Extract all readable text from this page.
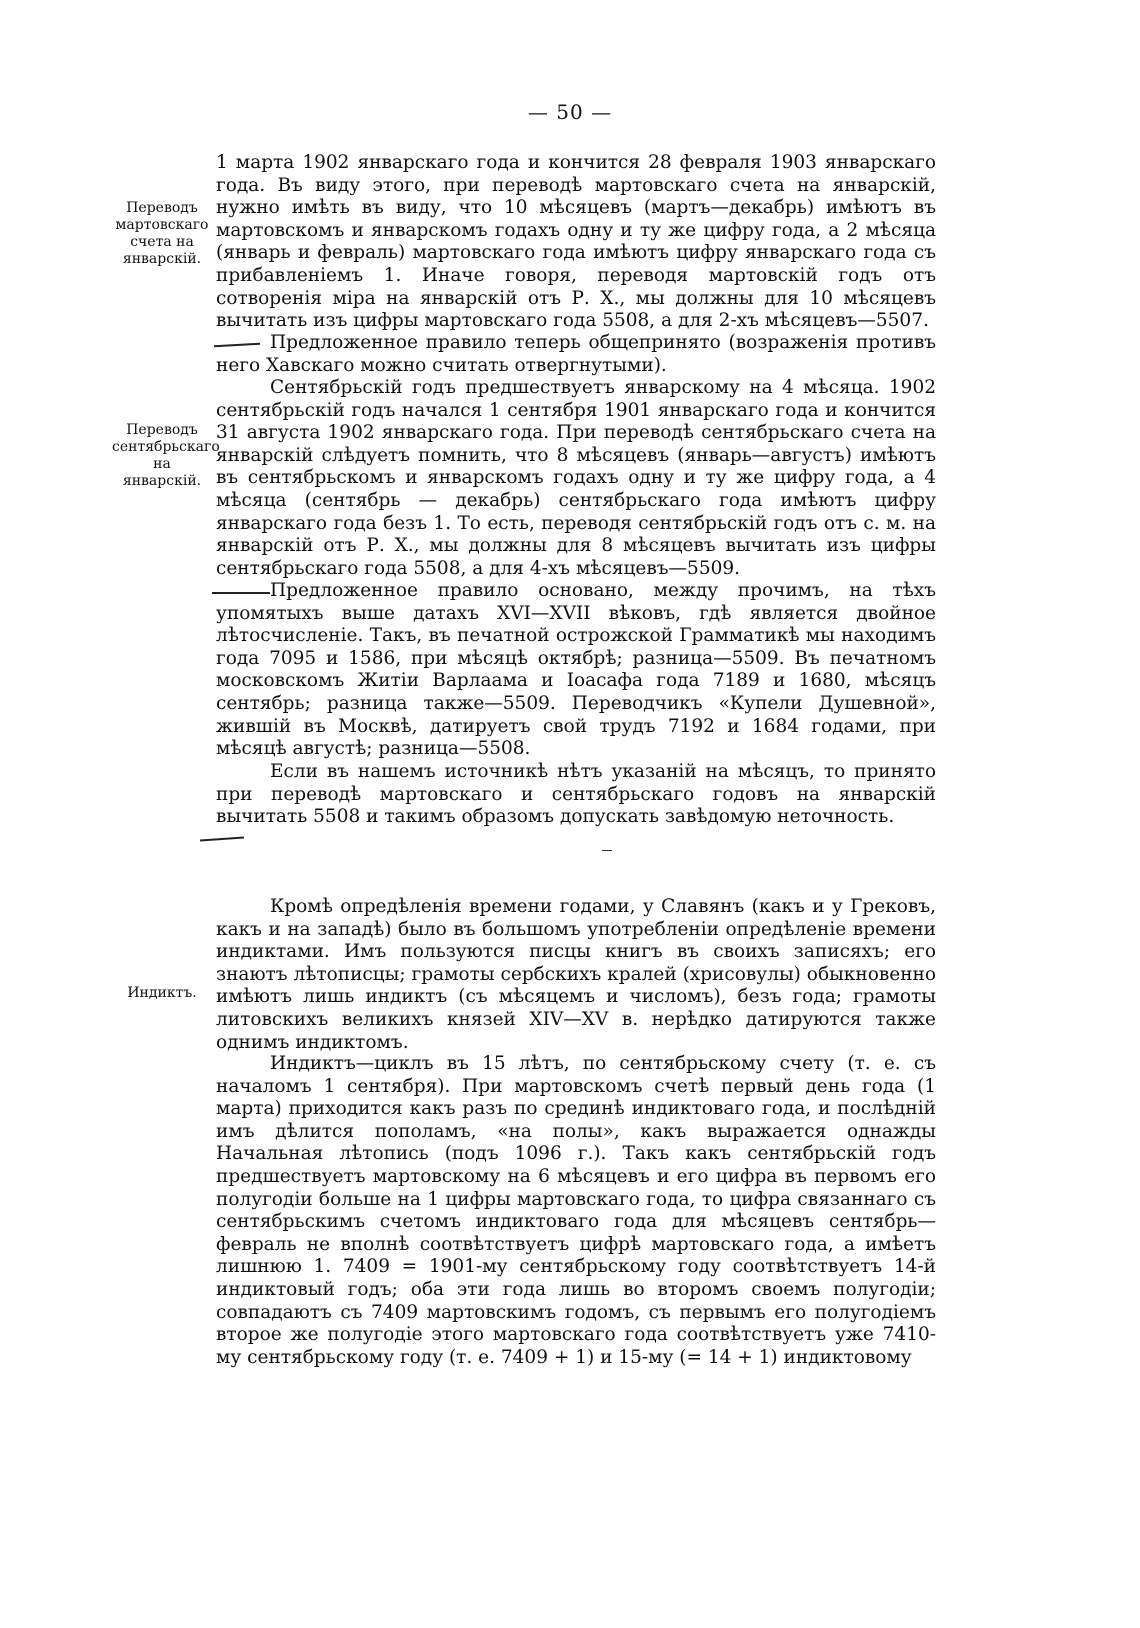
— 50 —
Переводъ мартовскаго счета на январскій.
Переводъ сентябрьскаго на январскій.
Индиктъ.
1 марта 1902 январскаго года и кончится 28 февраля 1903 январскаго года. Въ виду этого, при переводѣ мартовскаго счета на январскій, нужно имѣть въ виду, что 10 мѣсяцевъ (мартъ—декабрь) имѣютъ въ мартовскомъ и январскомъ годахъ одну и ту же цифру года, а 2 мѣсяца (январь и февраль) мартовскаго года имѣютъ цифру январскаго года съ прибавленіемъ 1. Иначе говоря, переводя мартовскій годъ отъ сотворенія міра на январскій отъ Р. Х., мы должны для 10 мѣсяцевъ вычитать изъ цифры мартовскаго года 5508, а для 2-хъ мѣсяцевъ—5507.
Предложенное правило теперь общепринято (возраженія противъ него Хавскаго можно считать отвергнутыми).
Сентябрьскій годъ предшествуетъ январскому на 4 мѣсяца. 1902 сентябрьскій годъ начался 1 сентября 1901 январскаго года и кончится 31 августа 1902 январскаго года. При переводѣ сентябрьскаго счета на январскій слѣдуетъ помнить, что 8 мѣсяцевъ (январь—августъ) имѣютъ въ сентябрьскомъ и январскомъ годахъ одну и ту же цифру года, а 4 мѣсяца (сентябрь — декабрь) сентябрьскаго года имѣютъ цифру январскаго года безъ 1. То есть, переводя сентябрьскій годъ отъ с. м. на январскій отъ Р. Х., мы должны для 8 мѣсяцевъ вычитать изъ цифры сентябрьскаго года 5508, а для 4-хъ мѣсяцевъ—5509.
Предложенное правило основано, между прочимъ, на тѣхъ упомятыхъ выше датахъ XVI—XVII вѣковъ, гдѣ является двойное лѣтосчисленіе. Такъ, въ печатной острожской Грамматикѣ мы находимъ года 7095 и 1586, при мѣсяцѣ октябрѣ; разница—5509. Въ печатномъ московскомъ Житіи Варлаама и Іоасафа года 7189 и 1680, мѣсяцъ сентябрь; разница также—5509. Переводчикъ «Купели Душевной», жившій въ Москвѣ, датируетъ свой трудъ 7192 и 1684 годами, при мѣсяцѣ августѣ; разница—5508.
Если въ нашемъ источникѣ нѣтъ указаній на мѣсяцъ, то принято при переводѣ мартовскаго и сентябрьскаго годовъ на январскій вычитать 5508 и такимъ образомъ допускать завѣдомую неточность.
Кромѣ опредѣленія времени годами, у Славянъ (какъ и у Грековъ, какъ и на западѣ) было въ большомъ употребленіи опредѣленіе времени индиктами. Имъ пользуются писцы книгъ въ своихъ записяхъ; его знаютъ лѣтописцы; грамоты сербскихъ кралей (хрисовулы) обыкновенно имѣютъ лишь индиктъ (съ мѣсяцемъ и числомъ), безъ года; грамоты литовскихъ великихъ князей XIV—XV в. нерѣдко датируются также однимъ индиктомъ.
Индиктъ—циклъ въ 15 лѣтъ, по сентябрьскому счету (т. е. съ началомъ 1 сентября). При мартовскомъ счетѣ первый день года (1 марта) приходится какъ разъ по срединѣ индиктоваго года, и послѣдній имъ дѣлится пополамъ, «на полы», какъ выражается однажды Начальная лѣтопись (подъ 1096 г.). Такъ какъ сентябрьскій годъ предшествуетъ мартовскому на 6 мѣсяцевъ и его цифра въ первомъ его полугодіи больше на 1 цифры мартовскаго года, то цифра связаннаго съ сентябрьскимъ счетомъ индиктоваго года для мѣсяцевъ сентябрь—февраль не вполнѣ соотвѣтствуетъ цифрѣ мартовскаго года, а имѣетъ лишнюю 1. 7409 = 1901-му сентябрьскому году соотвѣтствуетъ 14-й индиктовый годъ; оба эти года лишь во второмъ своемъ полугодіи; совпадаютъ съ 7409 мартовскимъ годомъ, съ первымъ его полугодіемъ второе же полугодіе этого мартовскаго года соотвѣтствуетъ уже 7410-му сентябрьскому году (т. е. 7409 + 1) и 15-му (= 14 + 1) индиктовому
